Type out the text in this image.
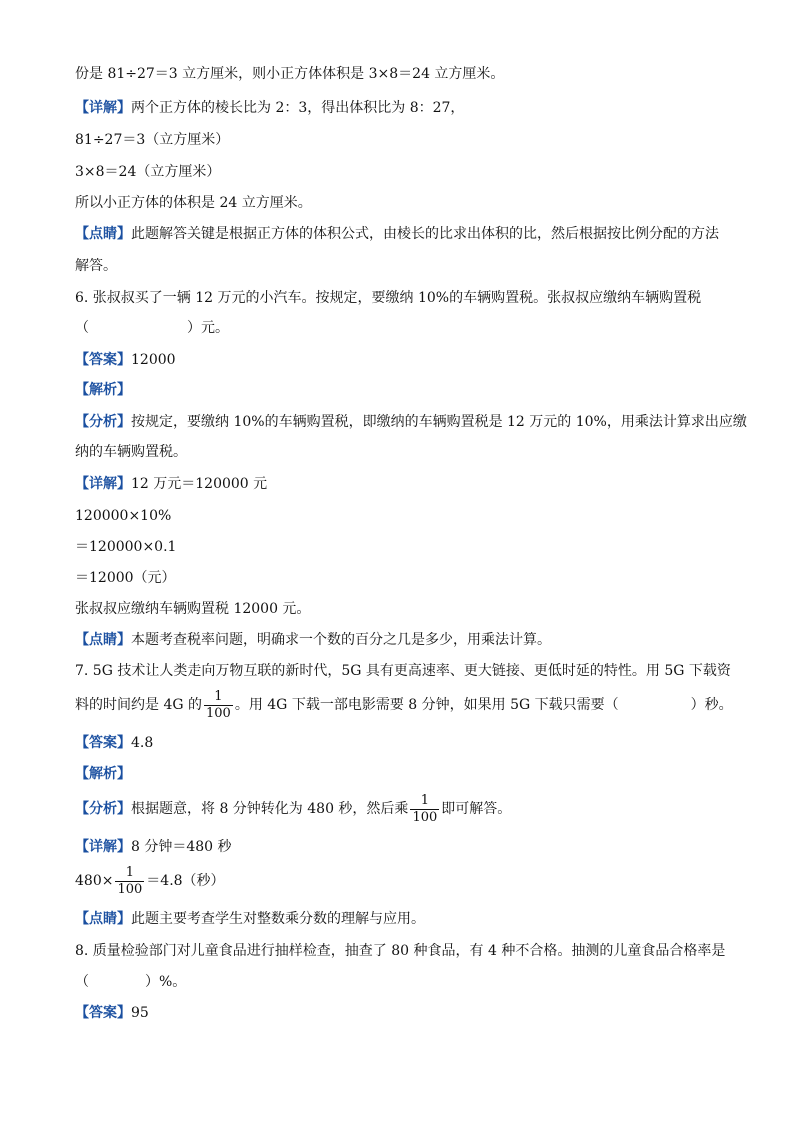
份是 81÷27＝3 立方厘米，则小正方体体积是 3×8＝24 立方厘米。
【详解】两个正方体的棱长比为 2：3，得出体积比为 8：27，
81÷27＝3（立方厘米）
3×8＝24（立方厘米）
所以小正方体的体积是 24 立方厘米。
【点睛】此题解答关键是根据正方体的体积公式，由棱长的比求出体积的比，然后根据按比例分配的方法
解答。
6. 张叔叔买了一辆 12 万元的小汽车。按规定，要缴纳 10%的车辆购置税。张叔叔应缴纳车辆购置税
（	）元。
【答案】12000
【解析】
【分析】按规定，要缴纳 10%的车辆购置税，即缴纳的车辆购置税是 12 万元的 10%，用乘法计算求出应缴
纳的车辆购置税。
【详解】12 万元＝120000 元
120000×10%
＝120000×0.1
＝12000（元）
张叔叔应缴纳车辆购置税 12000 元。
【点睛】本题考查税率问题，明确求一个数的百分之几是多少，用乘法计算。
7. 5G 技术让人类走向万物互联的新时代，5G 具有更高速率、更大链接、更低时延的特性。用 5G 下载资
料的时间约是 4G 的 $\frac{1}{100}$ 。用 4G 下载一部电影需要 8 分钟，如果用 5G 下载只需要（	）秒。
【答案】4.8
【解析】
【分析】根据题意，将 8 分钟转化为 480 秒，然后乘 $\frac{1}{100}$ 即可解答。
【详解】8 分钟＝480 秒
$480\times \frac{1}{100} =4.8$（秒）
【点睛】此题主要考查学生对整数乘分数的理解与应用。
8. 质量检验部门对儿童食品进行抽样检查，抽查了 80 种食品，有 4 种不合格。抽测的儿童食品合格率是
（	）%。
【答案】95
